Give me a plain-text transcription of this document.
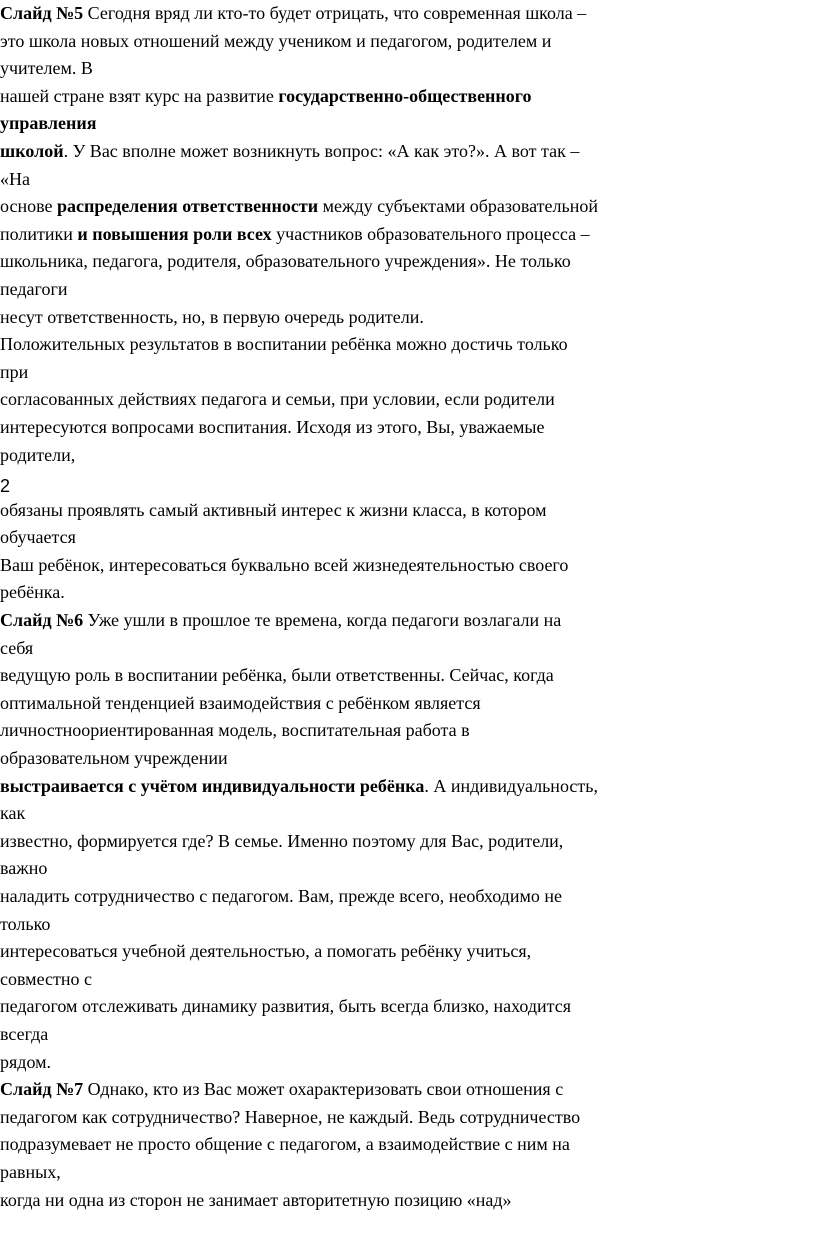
Слайд №5 Сегодня вряд ли кто-то будет отрицать, что современная школа –
это школа новых отношений между учеником и педагогом, родителем и
учителем. В
нашей стране взят курс на развитие государственно-общественного
управления
школой. У Вас вполне может возникнуть вопрос: «А как это?». А вот так –
«На
основе распределения ответственности между субъектами образовательной
политики и повышения роли всех участников образовательного процесса –
школьника, педагога, родителя, образовательного учреждения». Не только
педагоги
несут ответственность, но, в первую очередь родители.
Положительных результатов в воспитании ребёнка можно достичь только
при
согласованных действиях педагога и семьи, при условии, если родители
интересуются вопросами воспитания. Исходя из этого, Вы, уважаемые
родители,
2
обязаны проявлять самый активный интерес к жизни класса, в котором
обучается
Ваш ребёнок, интересоваться буквально всей жизнедеятельностью своего
ребёнка.
Слайд №6 Уже ушли в прошлое те времена, когда педагоги возлагали на
себя
ведущую роль в воспитании ребёнка, были ответственны. Сейчас, когда
оптимальной тенденцией взаимодействия с ребёнком является
личностноориентированная модель, воспитательная работа в
образовательном учреждении
выстраивается с учётом индивидуальности ребёнка. А индивидуальность,
как
известно, формируется где? В семье. Именно поэтому для Вас, родители,
важно
наладить сотрудничество с педагогом. Вам, прежде всего, необходимо не
только
интересоваться учебной деятельностью, а помогать ребёнку учиться,
совместно с
педагогом отслеживать динамику развития, быть всегда близко, находится
всегда
рядом.
Слайд №7 Однако, кто из Вас может охарактеризовать свои отношения с
педагогом как сотрудничество? Наверное, не каждый. Ведь сотрудничество
подразумевает не просто общение с педагогом, а взаимодействие с ним на
равных,
когда ни одна из сторон не занимает авторитетную позицию «над»
